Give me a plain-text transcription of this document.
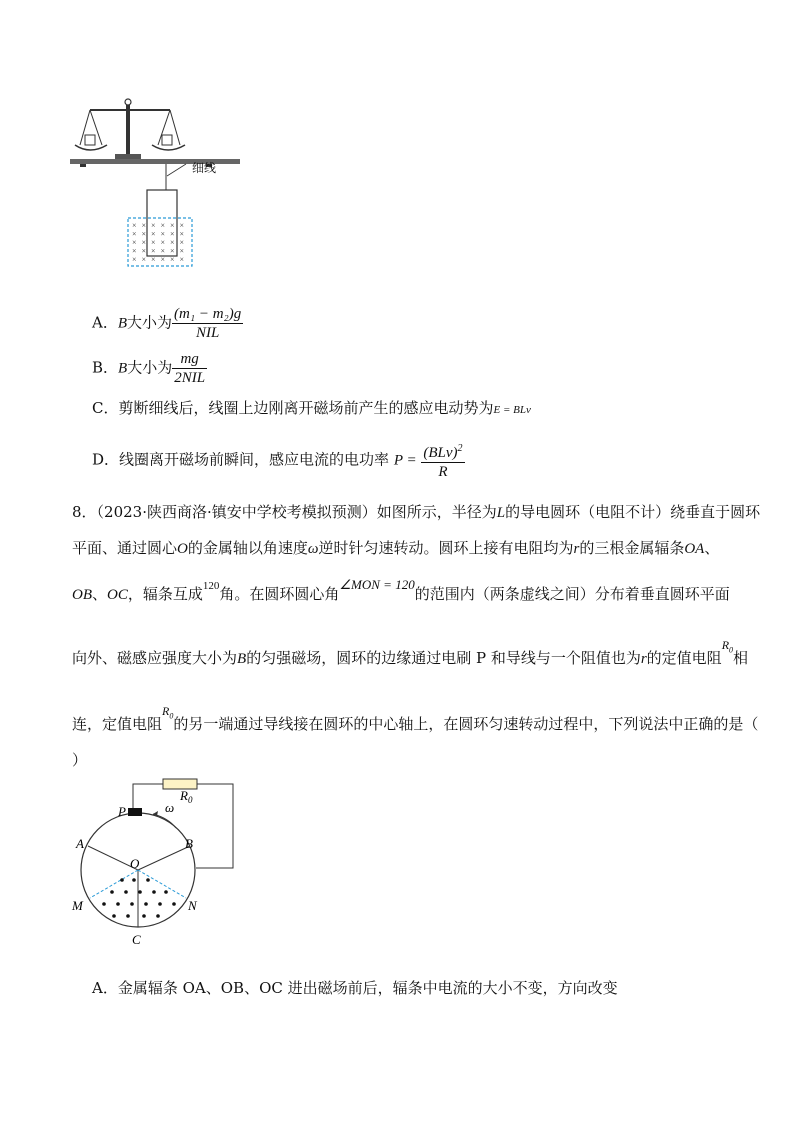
× × × × × ×
× × × × × ×
× × × × × ×
× × × × × ×
× × × × × ×
细线
A．B大小为 $\frac{\text{(m₁ − m₂)g}}{\text{NIL}}$
B．B大小为 $\frac{mg}{\text{2NIL}}$
C．剪断细线后，线圈上边刚离开磁场前产生的感应电动势为E = BLv
D．线圈离开磁场前瞬间，感应电流的电功率 $P = \frac{(BLv)^2}{R}$
8．（2023·陕西商洛·镇安中学校考模拟预测）如图所示，半径为L的导电圆环（电阻不计）绕垂直于圆环
平面、通过圆心O的金属轴以角速度ω逆时针匀速转动。圆环上接有电阻均为r的三根金属辐条OA、
OB、OC，辐条互成$^{120}$角。在圆环圆心角∠MON = 120的范围内（两条虚线之间）分布着垂直圆环平面
向外、磁感应强度大小为B的匀强磁场，圆环的边缘通过电刷 P 和导线与一个阻值也为r的定值电阻$^{R_0}$相
连，定值电阻$^{R_0}$的另一端通过导线接在圆环的中心轴上，在圆环匀速转动过程中，下列说法中正确的是（
）
$R_0$
P	ω
A	B
O
M	N
C
A．金属辐条 OA、OB、OC 进出磁场前后，辐条中电流的大小不变，方向改变
